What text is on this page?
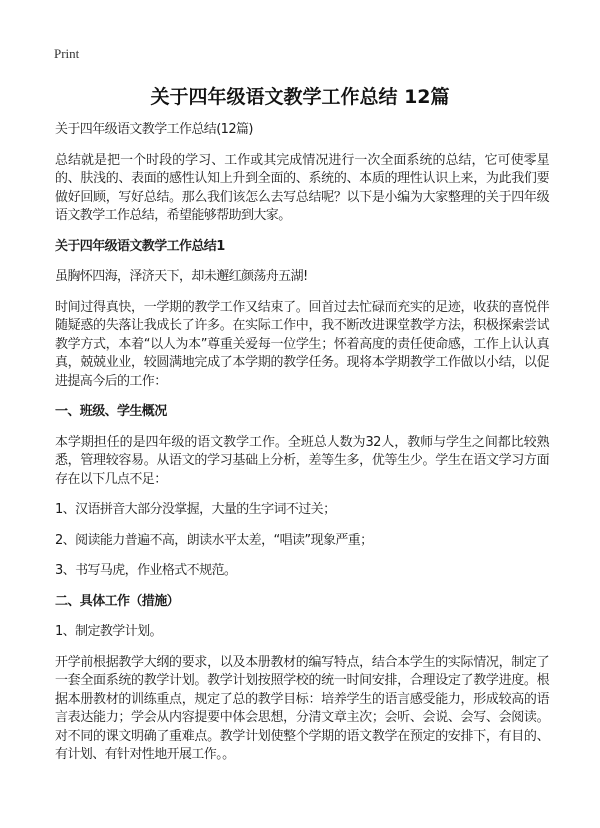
Print
关于四年级语文教学工作总结 12篇

关于四年级语文教学工作总结(12篇)

总结就是把一个时段的学习、工作或其完成情况进行一次全面系统的总结，它可使零星的、肤浅的、表面的感性认知上升到全面的、系统的、本质的理性认识上来，为此我们要做好回顾，写好总结。那么我们该怎么去写总结呢？以下是小编为大家整理的关于四年级语文教学工作总结，希望能够帮助到大家。

关于四年级语文教学工作总结1

虽胸怀四海，泽济天下，却未邂红颜荡舟五湖!

时间过得真快，一学期的教学工作又结束了。回首过去忙碌而充实的足迹，收获的喜悦伴随疑惑的失落让我成长了许多。在实际工作中，我不断改进课堂教学方法，积极探索尝试教学方式，本着“以人为本”尊重关爱每一位学生；怀着高度的责任使命感，工作上认认真真，兢兢业业，较圆满地完成了本学期的教学任务。现将本学期教学工作做以小结，以促进提高今后的工作：

一、班级、学生概况

本学期担任的是四年级的语文教学工作。全班总人数为32人，教师与学生之间都比较熟悉，管理较容易。从语文的学习基础上分析，差等生多，优等生少。学生在语文学习方面存在以下几点不足：

1、汉语拼音大部分没掌握，大量的生字词不过关；

2、阅读能力普遍不高，朗读水平太差，“唱读”现象严重；

3、书写马虎，作业格式不规范。

二、具体工作（措施）

1、制定教学计划。

开学前根据教学大纲的要求，以及本册教材的编写特点，结合本学生的实际情况，制定了一套全面系统的教学计划。教学计划按照学校的统一时间安排，合理设定了教学进度。根据本册教材的训练重点，规定了总的教学目标：培养学生的语言感受能力，形成较高的语言表达能力；学会从内容提要中体会思想，分清文章主次；会听、会说、会写、会阅读。对不同的课文明确了重难点。教学计划使整个学期的语文教学在预定的安排下，有目的、有计划、有针对性地开展工作。。
